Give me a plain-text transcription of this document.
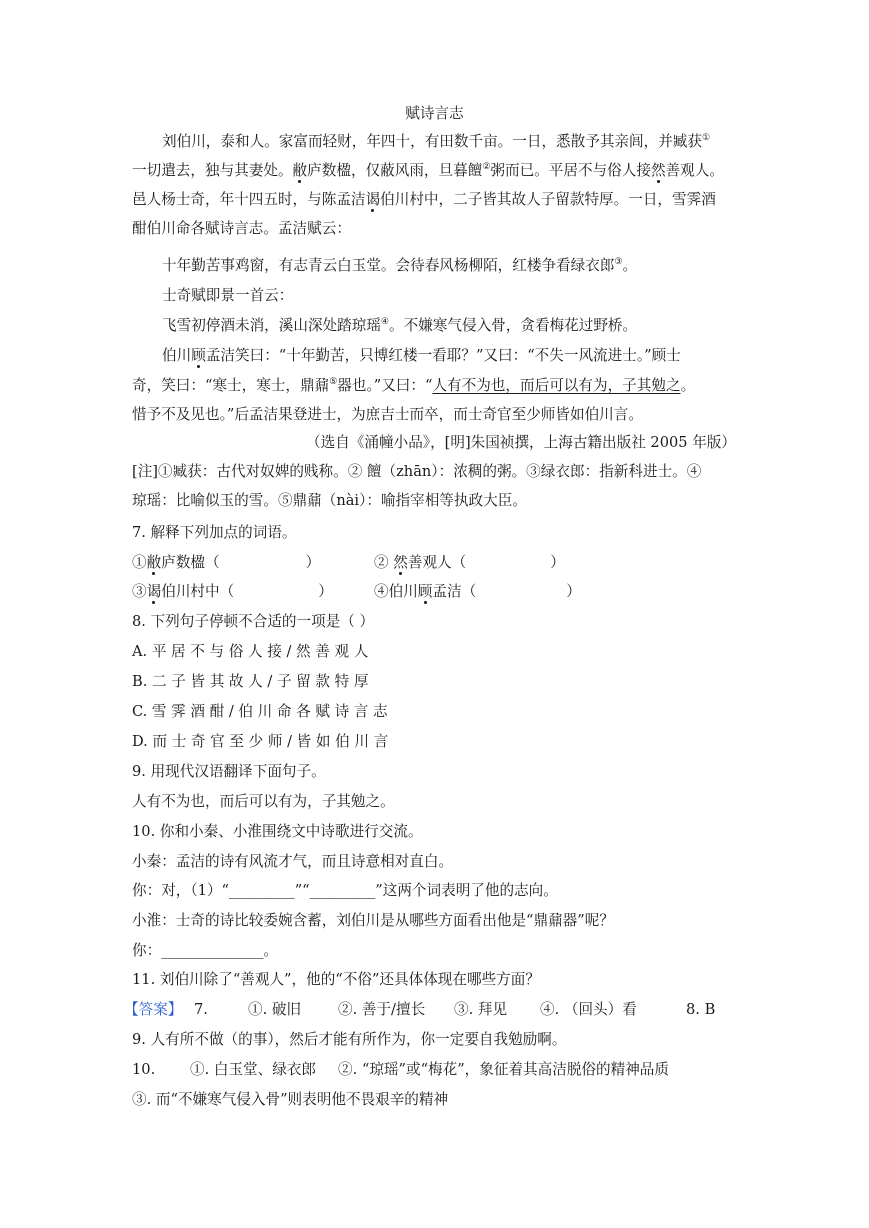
赋诗言志
刘伯川，泰和人。家富而轻财，年四十，有田数千亩。一日，悉散予其亲闾，并臧获①
一切遣去，独与其妻处。敝庐数楹，仅蔽风雨，旦暮饘②粥而已。平居不与俗人接然善观人。
邑人杨士奇，年十四五时，与陈孟洁谒伯川村中，二子皆其故人子留款特厚。一日，雪霁酒
酣伯川命各赋诗言志。孟洁赋云：
十年勤苦事鸡窗，有志青云白玉堂。会待春风杨柳陌，红楼争看绿衣郎③。
士奇赋即景一首云：
飞雪初停酒未消，溪山深处踏琼瑶④。不嫌寒气侵入骨，贪看梅花过野桥。
伯川顾孟洁笑曰：“十年勤苦，只博红楼一看耶？”又曰：“不失一风流进士。”顾士
奇，笑曰：“寒士，寒士，鼎鼐⑤器也。”又曰：“人有不为也，而后可以有为，子其勉之。
惜予不及见也。”后孟洁果登进士，为庶吉士而卒，而士奇官至少师皆如伯川言。
（选自《涌幢小品》，[明]朱国祯撰，上海古籍出版社 2005 年版）
[注]①臧获：古代对奴婢的贱称。② 饘（zhān）：浓稠的粥。③绿衣郎：指新科进士。④
琼瑶：比喻似玉的雪。⑤鼎鼐（nài）：喻指宰相等执政大臣。
7. 解释下列加点的词语。
①敝庐数楹（	）	② 然善观人（	）
③谒伯川村中（	）	④伯川顾孟洁（	）
8. 下列句子停顿不合适的一项是（ ）
A. 平 居 不 与 俗 人 接 / 然 善 观 人
B. 二 子 皆 其 故 人 / 子 留 款 特 厚
C. 雪 霁 酒 酣 / 伯 川 命 各 赋 诗 言 志
D. 而 士 奇 官 至 少 师 / 皆 如 伯 川 言
9. 用现代汉语翻译下面句子。
人有不为也，而后可以有为，子其勉之。
10. 你和小秦、小淮围绕文中诗歌进行交流。
小秦：孟洁的诗有风流才气，而且诗意相对直白。
你：对，（1）“_________”“_________”这两个词表明了他的志向。
小淮：士奇的诗比较委婉含蓄，刘伯川是从哪些方面看出他是“鼎鼐器”呢？
你：______________。
11. 刘伯川除了“善观人”，他的“不俗”还具体体现在哪些方面？
【答案】 7.	①. 破旧	②. 善于/擅长 ③. 拜见 ④. （回头）看	8. B
9. 人有所不做（的事），然后才能有所作为，你一定要自我勉励啊。
10. ①. 白玉堂、绿衣郎 ②. “琼瑶”或“梅花”，象征着其高洁脱俗的精神品质
③. 而“不嫌寒气侵入骨”则表明他不畏艰辛的精神
